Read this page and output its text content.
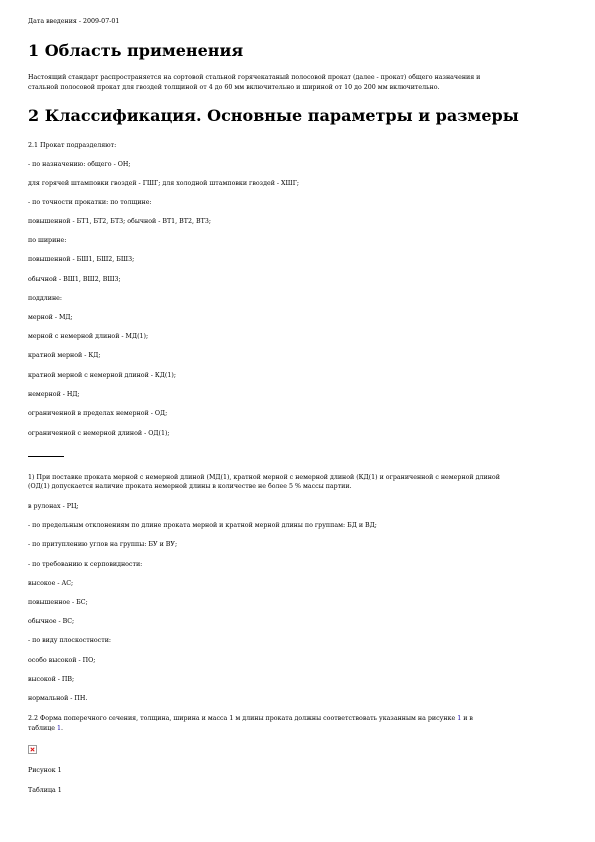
Дата введения - 2009-07-01

1 Область применения

Настоящий стандарт распространяется на сортовой стальной горячекатаный полосовой прокат (далее - прокат) общего назначения и

стальной полосовой прокат для гвоздей толщиной от 4 до 60 мм включительно и шириной от 10 до 200 мм включительно.

2 Классификация. Основные параметры и размеры

2.1 Прокат подразделяют:

- по назначению: общего - ОН;

для горячей штамповки гвоздей - ГШГ; для холодной штамповки гвоздей - ХШГ;

- по точности прокатки: по толщине:

повышенной - БТ1, БТ2, БТ3; обычной - ВТ1, ВТ2, ВТ3;

по ширине:

повышенной - БШ1, БШ2, БШ3;

обычной - ВШ1, ВШ2, ВШ3;

поддлине:

мерной - МД;

мерной с немерной длиной - МД(1);

кратной мерной - КД;

кратной мерной с немерной длиной - КД(1);

немерной - НД;

ограниченной в пределах немерной - ОД;

ограниченной с немерной длиной - ОД(1);

1) При поставке проката мерной с немерной длиной (МД(1), кратной мерной с немерной длиной (КД(1) и ограниченной с немерной длиной

(ОД(1) допускается наличие проката немерной длины в количестве не более 5 % массы партии.

в рулонах - РЦ;

- по предельным отклонениям по длине проката мерной и кратной мерной длины по группам: БД и ВД;

- по притуплению углов на группы: БУ и ВУ;

- по требованию к серповидности:

высокое - АС;

повышенное - БС;

обычное - ВС;

- по виду плоскостности:

особо высокой - ПО;

высокой - ПВ;

нормальной - ПН.

2.2 Форма поперечного сечения, толщина, ширина и масса 1 м длины проката должны соответствовать указанным на рисунке 1 и в

таблице 1.

Рисунок 1

Таблица 1
